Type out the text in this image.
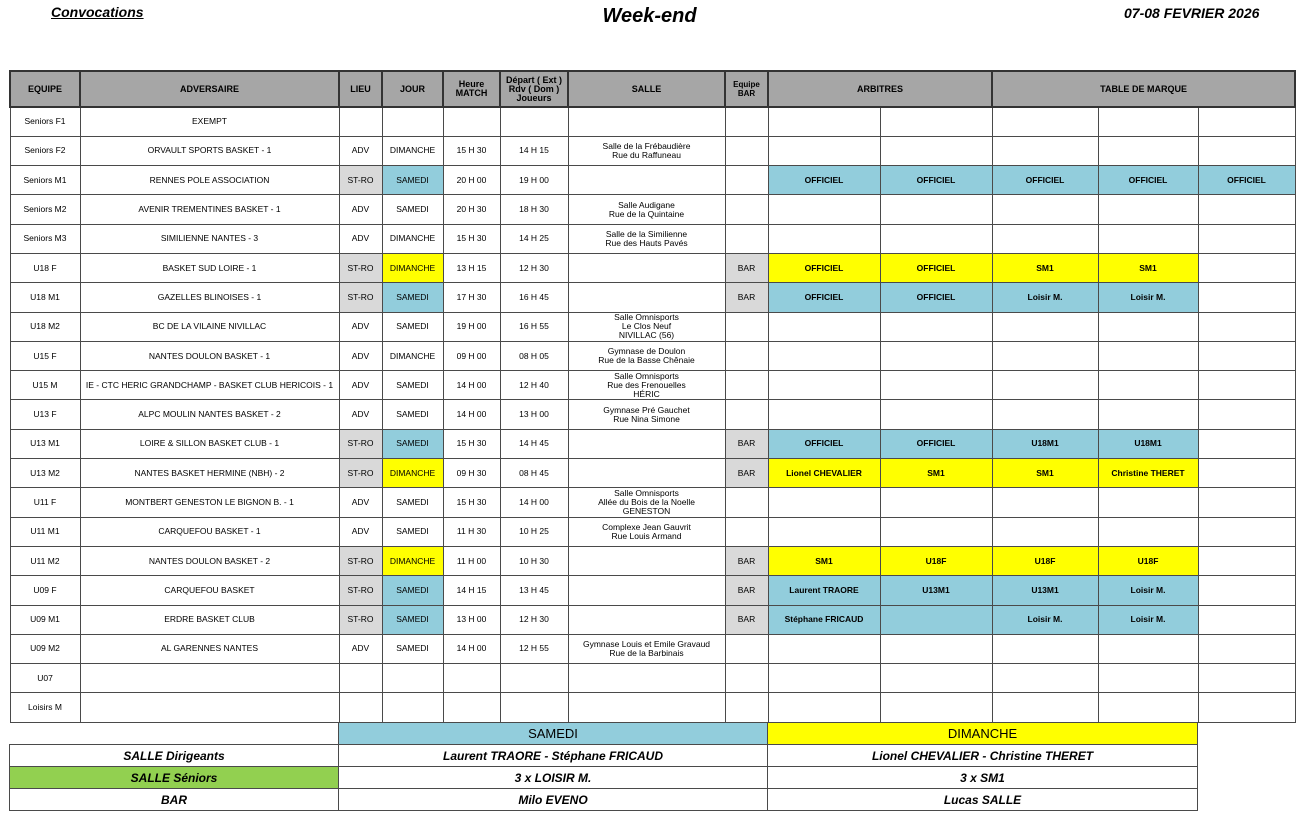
Convocations	Week-end	07-08 FEVRIER 2026
EQUIPE	ADVERSAIRE	LIEU	JOUR	Heure MATCH	Départ ( Ext ) Rdv ( Dom ) Joueurs	SALLE	Equipe BAR	ARBITRES		TABLE DE MARQUE		
Seniors F1	EXEMPT											
Seniors F2	ORVAULT SPORTS BASKET - 1	ADV	DIMANCHE	15 H 30	14 H 15	Salle de la Frébaudière
Rue du Raffuneau						
Seniors M1	RENNES POLE ASSOCIATION	ST-RO	SAMEDI	20 H 00	19 H 00			OFFICIEL	OFFICIEL	OFFICIEL	OFFICIEL	OFFICIEL
Seniors M2	AVENIR TREMENTINES BASKET - 1	ADV	SAMEDI	20 H 30	18 H 30	Salle Audigane
Rue de la Quintaine						
Seniors M3	SIMILIENNE NANTES - 3	ADV	DIMANCHE	15 H 30	14 H 25	Salle de la Similienne
Rue des Hauts Pavés						
U18 F	BASKET SUD LOIRE - 1	ST-RO	DIMANCHE	13 H 15	12 H 30		BAR	OFFICIEL	OFFICIEL	SM1	SM1	
U18 M1	GAZELLES BLINOISES - 1	ST-RO	SAMEDI	17 H 30	16 H 45		BAR	OFFICIEL	OFFICIEL	Loisir M.	Loisir M.	
U18 M2	BC DE LA VILAINE NIVILLAC	ADV	SAMEDI	19 H 00	16 H 55	Salle Omnisports
Le Clos Neuf
NIVILLAC (56)						
U15 F	NANTES DOULON BASKET - 1	ADV	DIMANCHE	09 H 00	08 H 05	Gymnase de Doulon
Rue de la Basse Chênaie						
U15 M	IE - CTC HERIC GRANDCHAMP - BASKET CLUB HERICOIS - 1	ADV	SAMEDI	14 H 00	12 H 40	Salle Omnisports
Rue des Frenouelles
HÉRIC						
U13 F	ALPC MOULIN NANTES BASKET - 2	ADV	SAMEDI	14 H 00	13 H 00	Gymnase Pré Gauchet
Rue Nina Simone						
U13 M1	LOIRE & SILLON BASKET CLUB - 1	ST-RO	SAMEDI	15 H 30	14 H 45		BAR	OFFICIEL	OFFICIEL	U18M1	U18M1	
U13 M2	NANTES BASKET HERMINE (NBH) - 2	ST-RO	DIMANCHE	09 H 30	08 H 45		BAR	Lionel CHEVALIER	SM1	SM1	Christine THERET	
U11 F	MONTBERT GENESTON LE BIGNON B. - 1	ADV	SAMEDI	15 H 30	14 H 00	Salle Omnisports
Allée du Bois de la Noelle
GENESTON						
U11 M1	CARQUEFOU BASKET - 1	ADV	SAMEDI	11 H 30	10 H 25	Complexe Jean Gauvrit
Rue Louis Armand						
U11 M2	NANTES DOULON BASKET - 2	ST-RO	DIMANCHE	11 H 00	10 H 30		BAR	SM1	U18F	U18F	U18F	
U09 F	CARQUEFOU BASKET	ST-RO	SAMEDI	14 H 15	13 H 45		BAR	Laurent TRAORE	U13M1	U13M1	Loisir M.	
U09 M1	ERDRE BASKET CLUB	ST-RO	SAMEDI	13 H 00	12 H 30		BAR	Stéphane FRICAUD		Loisir M.	Loisir M.	
U09 M2	AL GARENNES NANTES	ADV	SAMEDI	14 H 00	12 H 55	Gymnase Louis et Emile Gravaud
Rue de la Barbinais						
U07												
Loisirs M												
	SAMEDI	DIMANCHE
SALLE Dirigeants	Laurent TRAORE - Stéphane FRICAUD	Lionel CHEVALIER - Christine THERET
SALLE Séniors	3 x LOISIR M.	3 x SM1
BAR	Milo EVENO	Lucas SALLE
